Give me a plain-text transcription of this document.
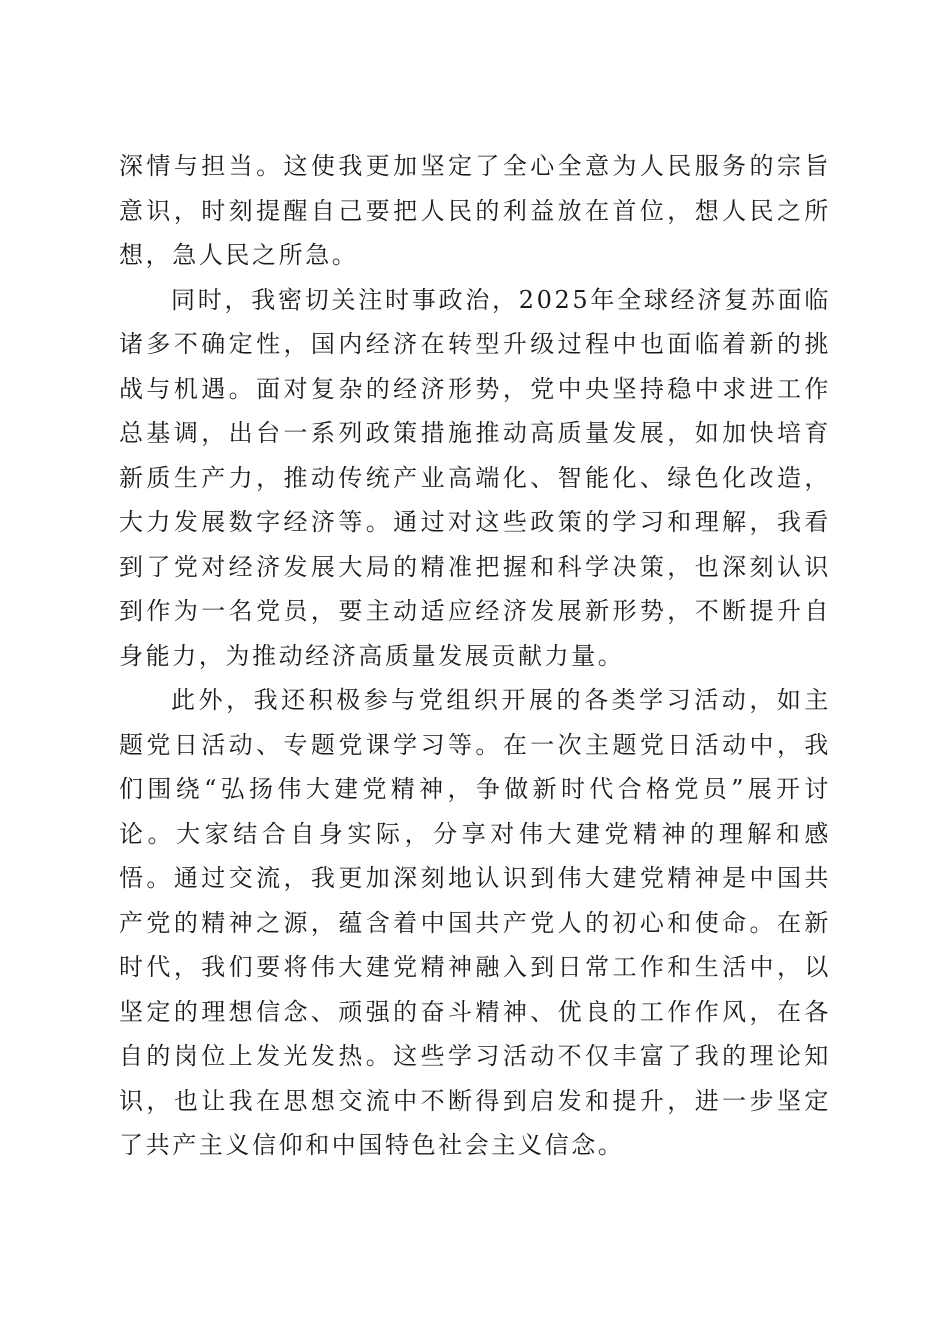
深情与担当。这使我更加坚定了全心全意为人民服务的宗旨意识，时刻提醒自己要把人民的利益放在首位，想人民之所想，急人民之所急。

同时，我密切关注时事政治，2025年全球经济复苏面临诸多不确定性，国内经济在转型升级过程中也面临着新的挑战与机遇。面对复杂的经济形势，党中央坚持稳中求进工作总基调，出台一系列政策措施推动高质量发展，如加快培育新质生产力，推动传统产业高端化、智能化、绿色化改造，大力发展数字经济等。通过对这些政策的学习和理解，我看到了党对经济发展大局的精准把握和科学决策，也深刻认识到作为一名党员，要主动适应经济发展新形势，不断提升自身能力，为推动经济高质量发展贡献力量。

此外，我还积极参与党组织开展的各类学习活动，如主题党日活动、专题党课学习等。在一次主题党日活动中，我们围绕“弘扬伟大建党精神，争做新时代合格党员”展开讨论。大家结合自身实际，分享对伟大建党精神的理解和感悟。通过交流，我更加深刻地认识到伟大建党精神是中国共产党的精神之源，蕴含着中国共产党人的初心和使命。在新时代，我们要将伟大建党精神融入到日常工作和生活中，以坚定的理想信念、顽强的奋斗精神、优良的工作作风，在各自的岗位上发光发热。这些学习活动不仅丰富了我的理论知识，也让我在思想交流中不断得到启发和提升，进一步坚定了共产主义信仰和中国特色社会主义信念。
